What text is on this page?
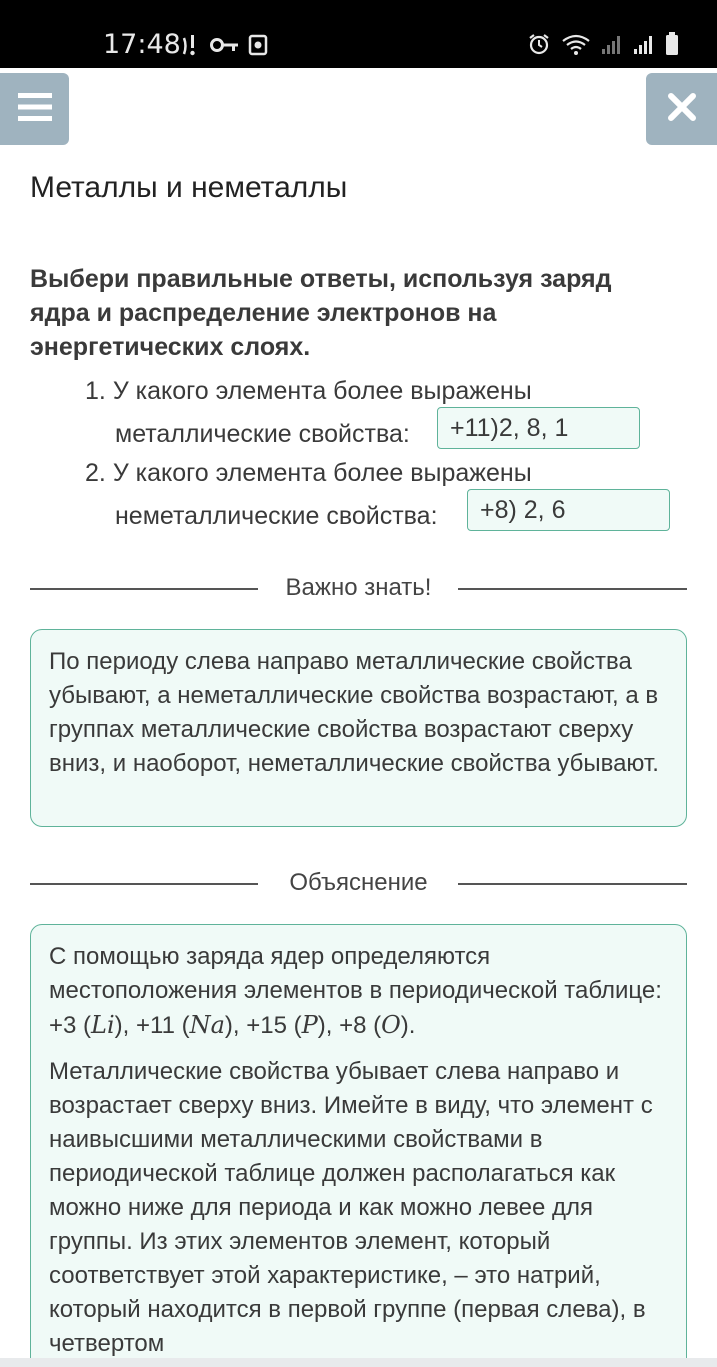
17:48
Металлы и неметаллы
Выбери правильные ответы, используя заряд ядра и распределение электронов на энергетических слоях.
1. У какого элемента более выражены
металлические свойства:	+11)2, 8, 1
2. У какого элемента более выражены
неметаллические свойства:	+8) 2, 6
Важно знать!

По периоду слева направо металлические свойства убывают, а неметаллические свойства возрастают, а в группах металлические свойства возрастают сверху вниз, и наоборот, неметаллические свойства убывают.

Объяснение

С помощью заряда ядер определяются местоположения элементов в периодической таблице: +3 (Li), +11 (Na), +15 (P), +8 (O).

Металлические свойства убывает слева направо и возрастает сверху вниз. Имейте в виду, что элемент с наивысшими металлическими свойствами в периодической таблице должен располагаться как можно ниже для периода и как можно левее для группы. Из этих элементов элемент, который соответствует этой характеристике, – это натрий, который находится в первой группе (первая слева), в четвертом
